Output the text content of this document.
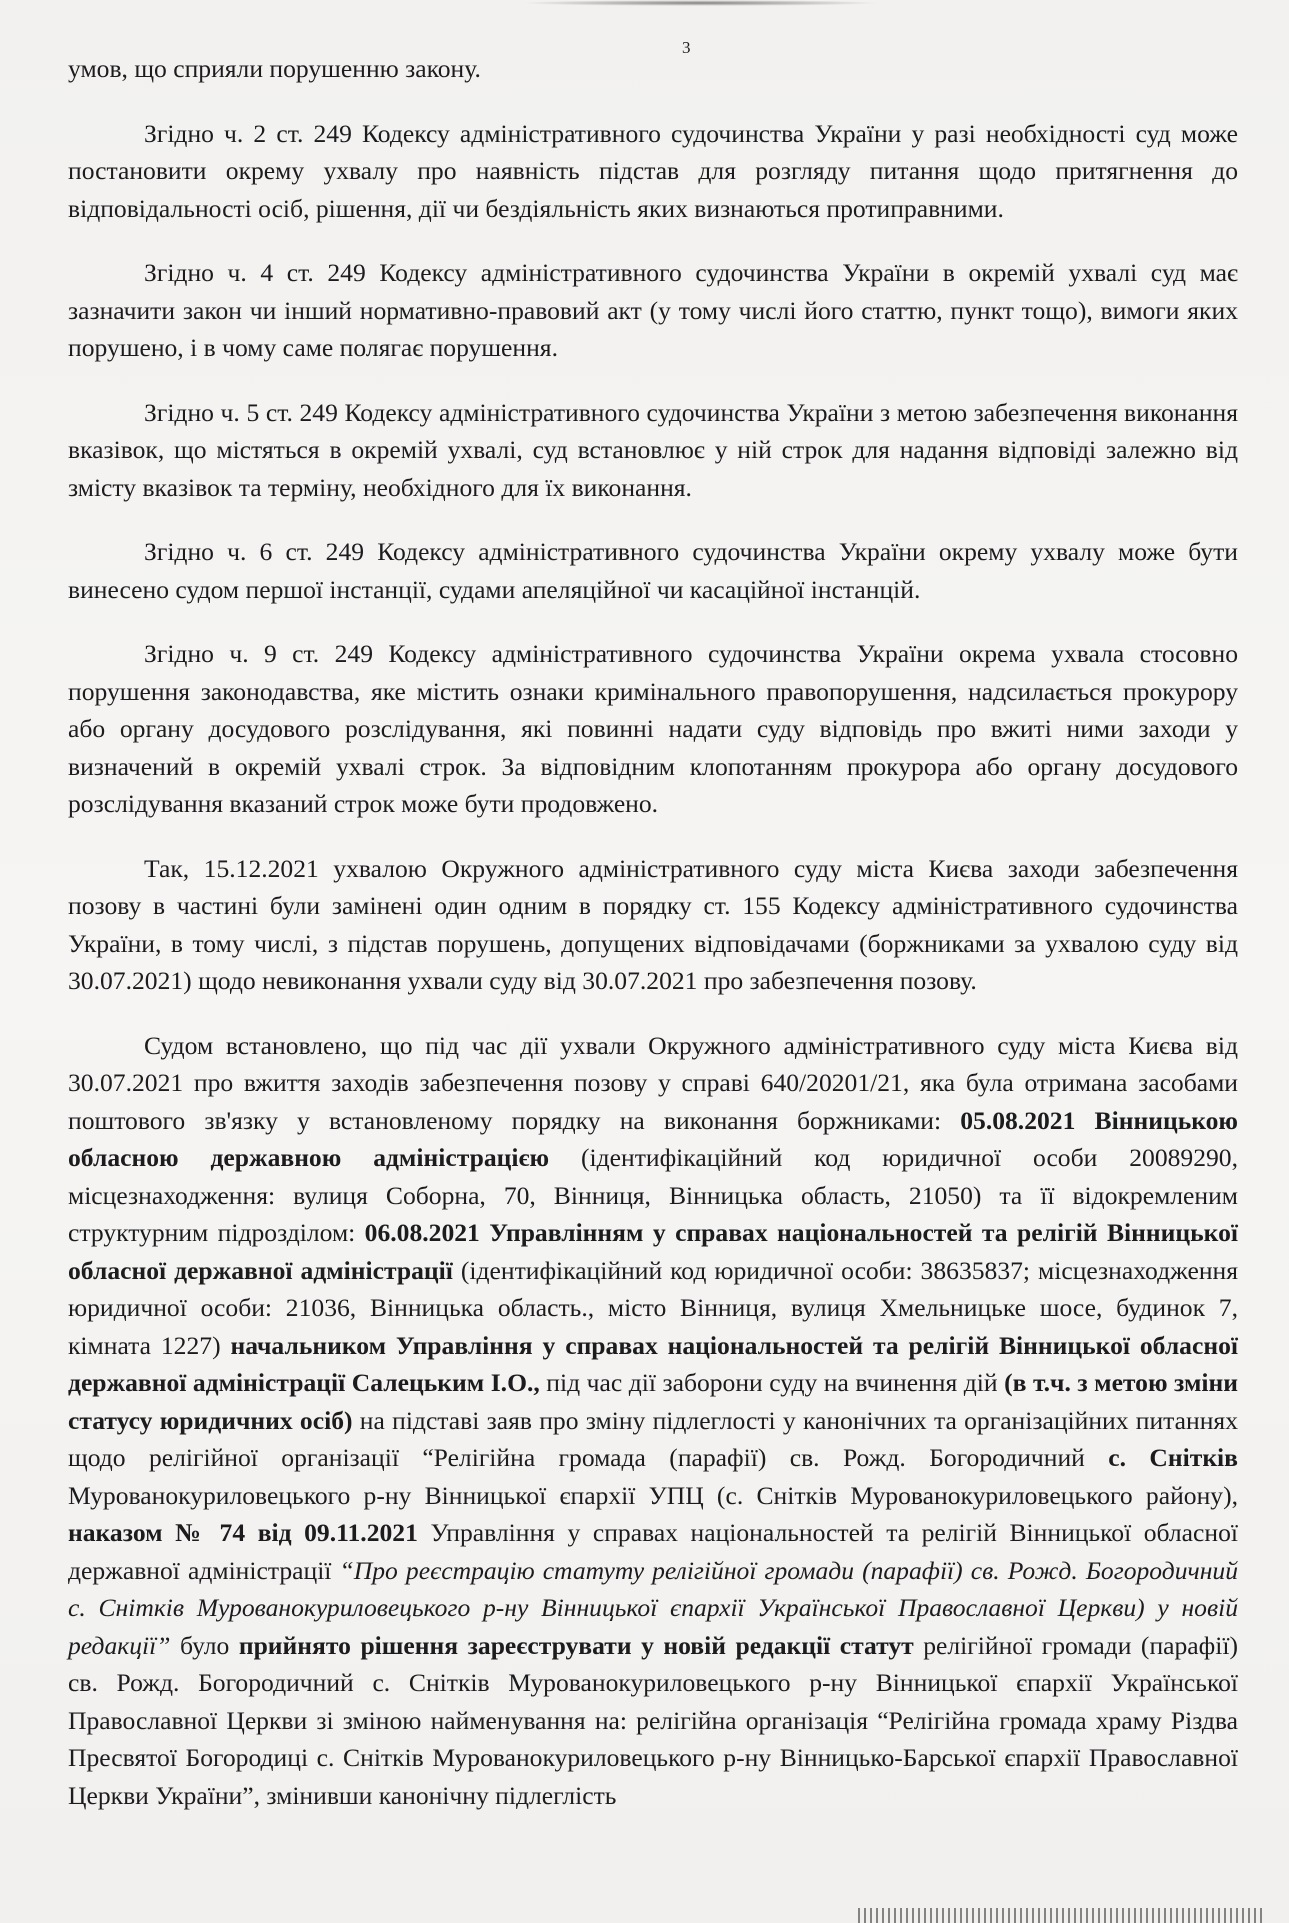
3

умов, що сприяли порушенню закону.

Згідно ч. 2 ст. 249 Кодексу адміністративного судочинства України у разі необхідності суд може постановити окрему ухвалу про наявність підстав для розгляду питання щодо притягнення до відповідальності осіб, рішення, дії чи бездіяльність яких визнаються протиправними.

Згідно ч. 4 ст. 249 Кодексу адміністративного судочинства України в окремій ухвалі суд має зазначити закон чи інший нормативно-правовий акт (у тому числі його статтю, пункт тощо), вимоги яких порушено, і в чому саме полягає порушення.

Згідно ч. 5 ст. 249 Кодексу адміністративного судочинства України з метою забезпечення виконання вказівок, що містяться в окремій ухвалі, суд встановлює у ній строк для надання відповіді залежно від змісту вказівок та терміну, необхідного для їх виконання.

Згідно ч. 6 ст. 249 Кодексу адміністративного судочинства України окрему ухвалу може бути винесено судом першої інстанції, судами апеляційної чи касаційної інстанцій.

Згідно ч. 9 ст. 249 Кодексу адміністративного судочинства України окрема ухвала стосовно порушення законодавства, яке містить ознаки кримінального правопорушення, надсилається прокурору або органу досудового розслідування, які повинні надати суду відповідь про вжиті ними заходи у визначений в окремій ухвалі строк. За відповідним клопотанням прокурора або органу досудового розслідування вказаний строк може бути продовжено.

Так, 15.12.2021 ухвалою Окружного адміністративного суду міста Києва заходи забезпечення позову в частині були замінені один одним в порядку ст. 155 Кодексу адміністративного судочинства України, в тому числі, з підстав порушень, допущених відповідачами (боржниками за ухвалою суду від 30.07.2021) щодо невиконання ухвали суду від 30.07.2021 про забезпечення позову.

Судом встановлено, що під час дії ухвали Окружного адміністративного суду міста Києва від 30.07.2021 про вжиття заходів забезпечення позову у справі 640/20201/21, яка була отримана засобами поштового зв'язку у встановленому порядку на виконання боржниками: 05.08.2021 Вінницькою обласною державною адміністрацією (ідентифікаційний код юридичної особи 20089290, місцезнаходження: вулиця Соборна, 70, Вінниця, Вінницька область, 21050) та її відокремленим структурним підрозділом: 06.08.2021 Управлінням у справах національностей та релігій Вінницької обласної державної адміністрації (ідентифікаційний код юридичної особи: 38635837; місцезнаходження юридичної особи: 21036, Вінницька область., місто Вінниця, вулиця Хмельницьке шосе, будинок 7, кімната 1227) начальником Управління у справах національностей та релігій Вінницької обласної державної адміністрації Салецьким І.О., під час дії заборони суду на вчинення дій (в т.ч. з метою зміни статусу юридичних осіб) на підставі заяв про зміну підлеглості у канонічних та організаційних питаннях щодо релігійної організації “Релігійна громада (парафії) св. Рожд. Богородичний с. Снітків Мурованокуриловецького р-ну Вінницької єпархії УПЦ (с. Снітків Мурованокуриловецького району), наказом № 74 від 09.11.2021 Управління у справах національностей та релігій Вінницької обласної державної адміністрації “Про реєстрацію статуту релігійної громади (парафії) св. Рожд. Богородичний с. Снітків Мурованокуриловецького р-ну Вінницької єпархії Української Православної Церкви) у новій редакції” було прийнято рішення зареєструвати у новій редакції статут релігійної громади (парафії) св. Рожд. Богородичний с. Снітків Мурованокуриловецького р-ну Вінницької єпархії Української Православної Церкви зі зміною найменування на: релігійна організація “Релігійна громада храму Різдва Пресвятої Богородиці с. Снітків Мурованокуриловецького р-ну Вінницько-Барської єпархії Православної Церкви України”, змінивши канонічну підлеглість
